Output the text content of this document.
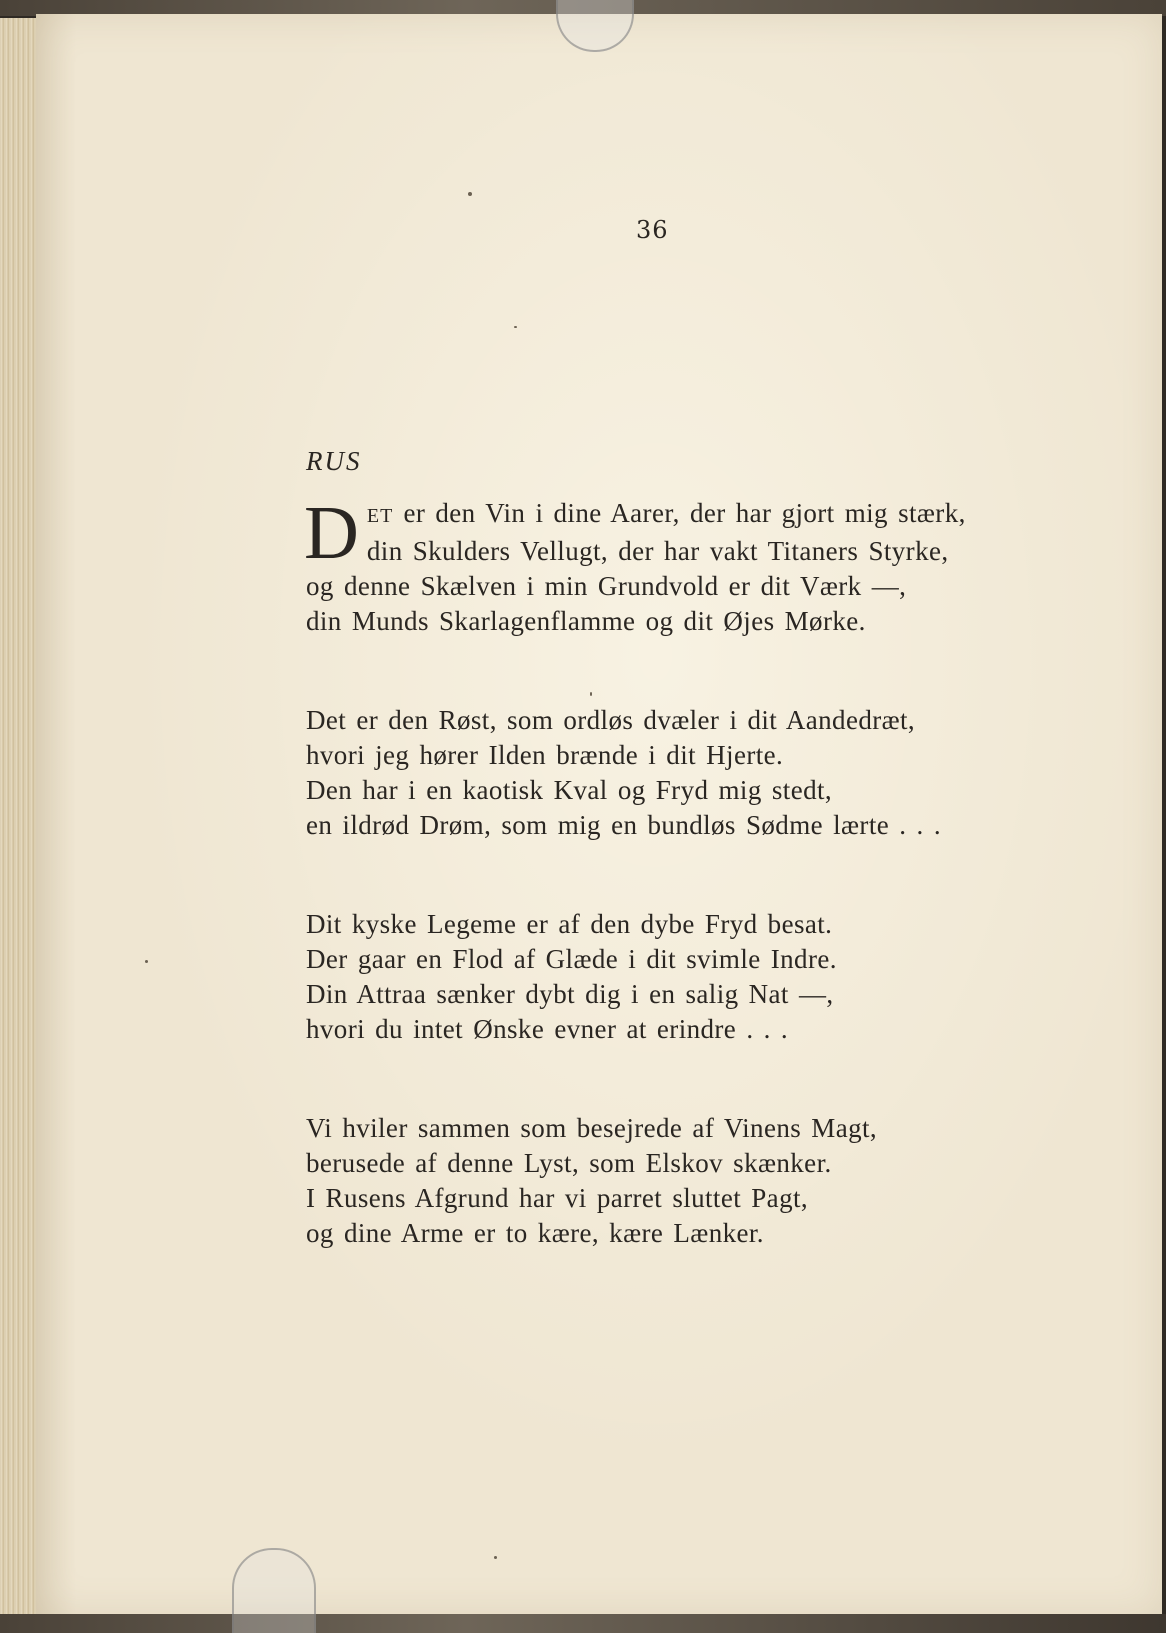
36
RUS
D ET er den Vin i dine Aarer, der har gjort mig stærk,
din Skulders Vellugt, der har vakt Titaners Styrke,
og denne Skælven i min Grundvold er dit Værk —,
din Munds Skarlagenflamme og dit Øjes Mørke.
Det er den Røst, som ordløs dvæler i dit Aandedræt,
hvori jeg hører Ilden brænde i dit Hjerte.
Den har i en kaotisk Kval og Fryd mig stedt,
en ildrød Drøm, som mig en bundløs Sødme lærte . . .
Dit kyske Legeme er af den dybe Fryd besat.
Der gaar en Flod af Glæde i dit svimle Indre.
Din Attraa sænker dybt dig i en salig Nat —,
hvori du intet Ønske evner at erindre . . .
Vi hviler sammen som besejrede af Vinens Magt,
berusede af denne Lyst, som Elskov skænker.
I Rusens Afgrund har vi parret sluttet Pagt,
og dine Arme er to kære, kære Lænker.
